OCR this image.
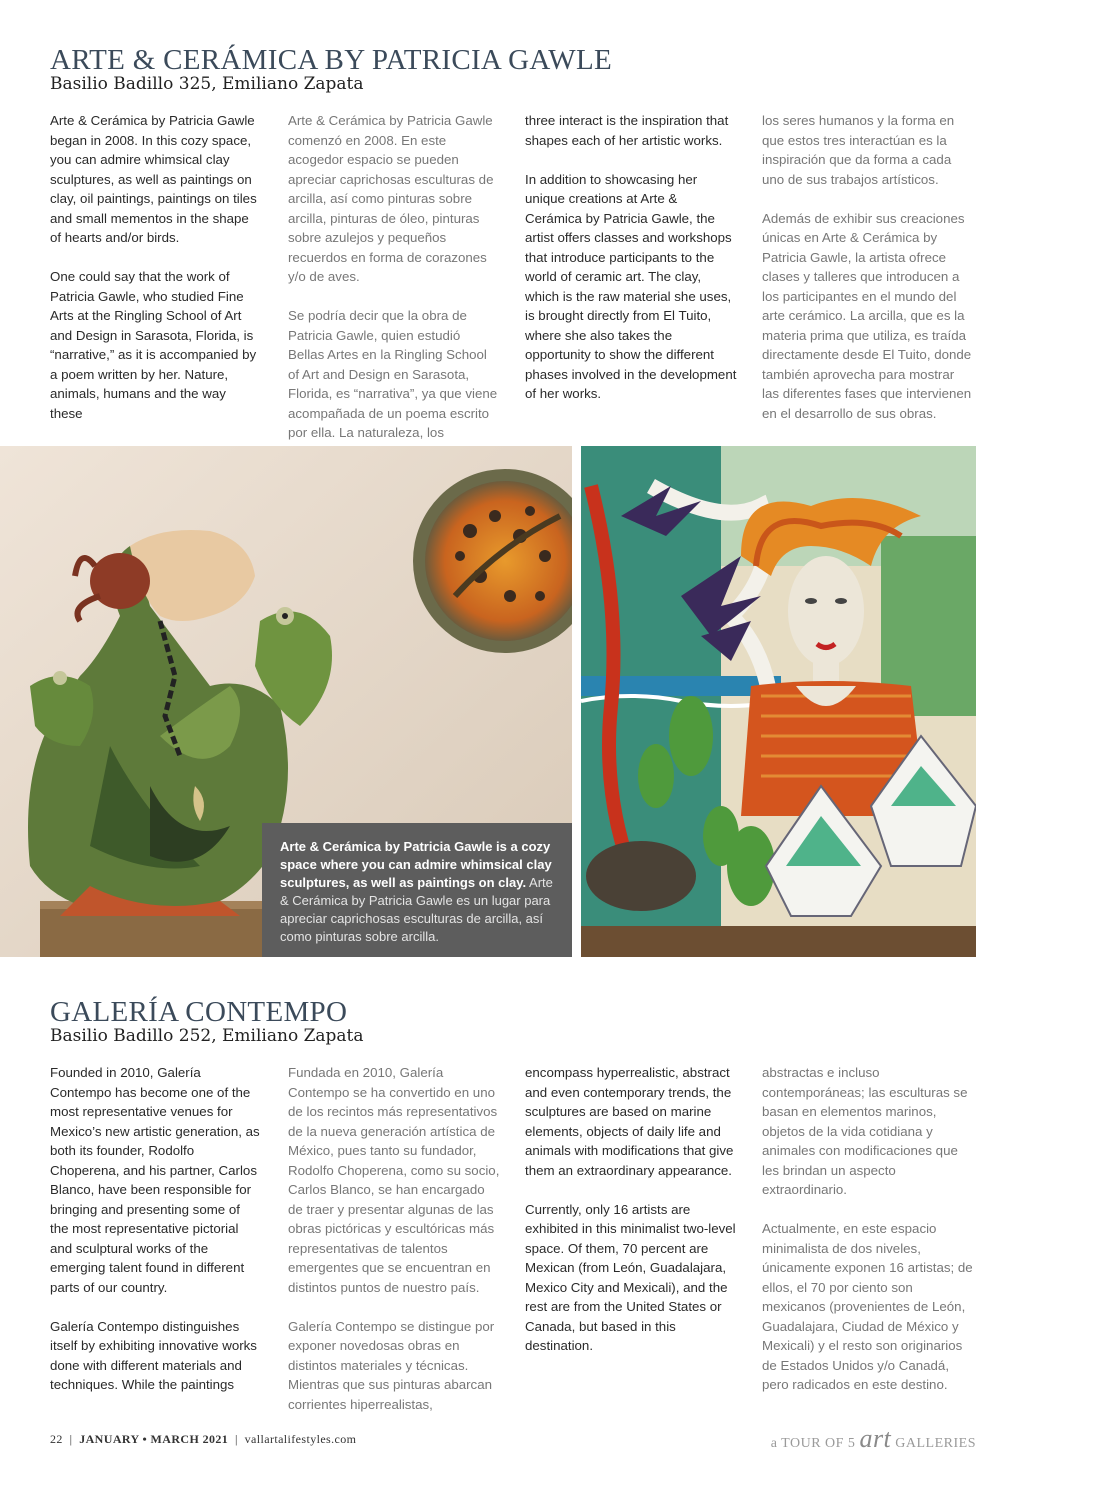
ARTE & CERÁMICA BY PATRICIA GAWLE
Basilio Badillo 325, Emiliano Zapata

Arte & Cerámica by Patricia Gawle began in 2008. In this cozy space, you can admire whimsical clay sculptures, as well as paintings on clay, oil paintings, paintings on tiles and small mementos in the shape of hearts and/or birds.

One could say that the work of Patricia Gawle, who studied Fine Arts at the Ringling School of Art and Design in Sarasota, Florida, is “narrative,” as it is accompanied by a poem written by her. Nature, animals, humans and the way these

Arte & Cerámica by Patricia Gawle comenzó en 2008. En este acogedor espacio se pueden apreciar caprichosas esculturas de arcilla, así como pinturas sobre arcilla, pinturas de óleo, pinturas sobre azulejos y pequeños recuerdos en forma de corazones y/o de aves.

Se podría decir que la obra de Patricia Gawle, quien estudió Bellas Artes en la Ringling School of Art and Design en Sarasota, Florida, es “narrativa”, ya que viene acompañada de un poema escrito por ella. La naturaleza, los

three interact is the inspiration that shapes each of her artistic works.

In addition to showcasing her unique creations at Arte & Cerámica by Patricia Gawle, the artist offers classes and workshops that introduce participants to the world of ceramic art. The clay, which is the raw material she uses, is brought directly from El Tuito, where she also takes the opportunity to show the different phases involved in the development of her works.

los seres humanos y la forma en que estos tres interactúan es la inspiración que da forma a cada uno de sus trabajos artísticos.

Además de exhibir sus creaciones únicas en Arte & Cerámica by Patricia Gawle, la artista ofrece clases y talleres que introducen a los participantes en el mundo del arte cerámico. La arcilla, que es la materia prima que utiliza, es traída directamente desde El Tuito, donde también aprovecha para mostrar las diferentes fases que intervienen en el desarrollo de sus obras.

Arte & Cerámica by Patricia Gawle is a cozy space where you can admire whimsical clay sculptures, as well as paintings on clay. Arte & Cerámica by Patricia Gawle es un lugar para apreciar caprichosas esculturas de arcilla, así como pinturas sobre arcilla.
GALERÍA CONTEMPO
Basilio Badillo 252, Emiliano Zapata

Founded in 2010, Galería Contempo has become one of the most representative venues for Mexico’s new artistic generation, as both its founder, Rodolfo Choperena, and his partner, Carlos Blanco, have been responsible for bringing and presenting some of the most representative pictorial and sculptural works of the emerging talent found in different parts of our country.

Galería Contempo distinguishes itself by exhibiting innovative works done with different materials and techniques. While the paintings

Fundada en 2010, Galería Contempo se ha convertido en uno de los recintos más representativos de la nueva generación artística de México, pues tanto su fundador, Rodolfo Choperena, como su socio, Carlos Blanco, se han encargado de traer y presentar algunas de las obras pictóricas y escultóricas más representativas de talentos emergentes que se encuentran en distintos puntos de nuestro país.

Galería Contempo se distingue por exponer novedosas obras en distintos materiales y técnicas. Mientras que sus pinturas abarcan corrientes hiperrealistas,

encompass hyperrealistic, abstract and even contemporary trends, the sculptures are based on marine elements, objects of daily life and animals with modifications that give them an extraordinary appearance.

Currently, only 16 artists are exhibited in this minimalist two-level space. Of them, 70 percent are Mexican (from León, Guadalajara, Mexico City and Mexicali), and the rest are from the United States or Canada, but based in this destination.

abstractas e incluso contemporáneas; las esculturas se basan en elementos marinos, objetos de la vida cotidiana y animales con modificaciones que les brindan un aspecto extraordinario.

Actualmente, en este espacio minimalista de dos niveles, únicamente exponen 16 artistas; de ellos, el 70 por ciento son mexicanos (provenientes de León, Guadalajara, Ciudad de México y Mexicali) y el resto son originarios de Estados Unidos y/o Canadá, pero radicados en este destino.

22  |  JANUARY • MARCH 2021  |  vallartalifestyles.com	a TOUR OF 5 art GALLERIES
